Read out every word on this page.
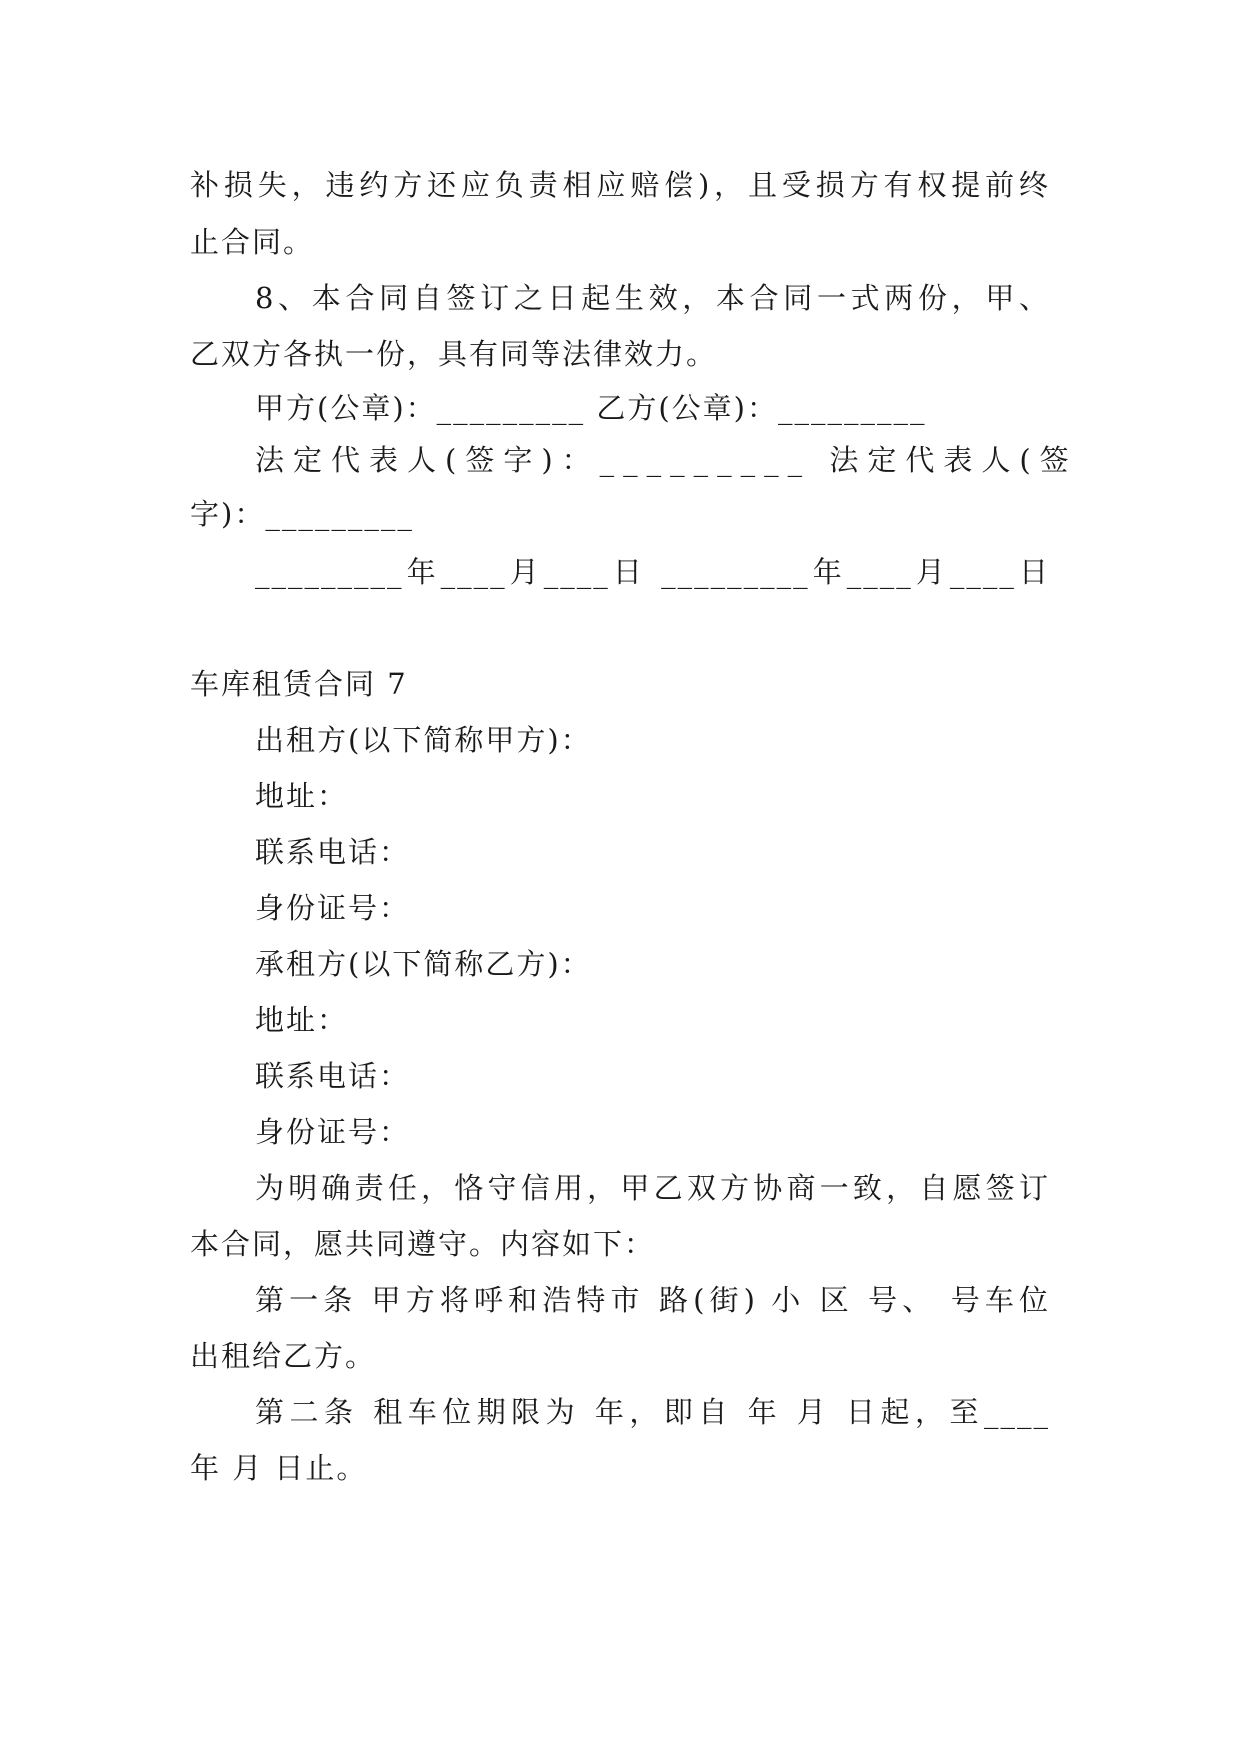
补损失，违约方还应负责相应赔偿)，且受损方有权提前终
止合同。
8、本合同自签订之日起生效，本合同一式两份，甲、
乙双方各执一份，具有同等法律效力。
甲方(公章)：_________ 乙方(公章)：_________
法定代表人(签字)：_________ 法定代表人(签
字)：_________
_________年____月____日 _________年____月____日
车库租赁合同 7
出租方(以下简称甲方)：
地址：
联系电话：
身份证号：
承租方(以下简称乙方)：
地址：
联系电话：
身份证号：
为明确责任，恪守信用，甲乙双方协商一致，自愿签订
本合同，愿共同遵守。内容如下：
第一条 甲方将呼和浩特市 路(街) 小 区 号、 号车位
出租给乙方。
第二条 租车位期限为 年，即自 年 月 日起，至____
年 月 日止。
